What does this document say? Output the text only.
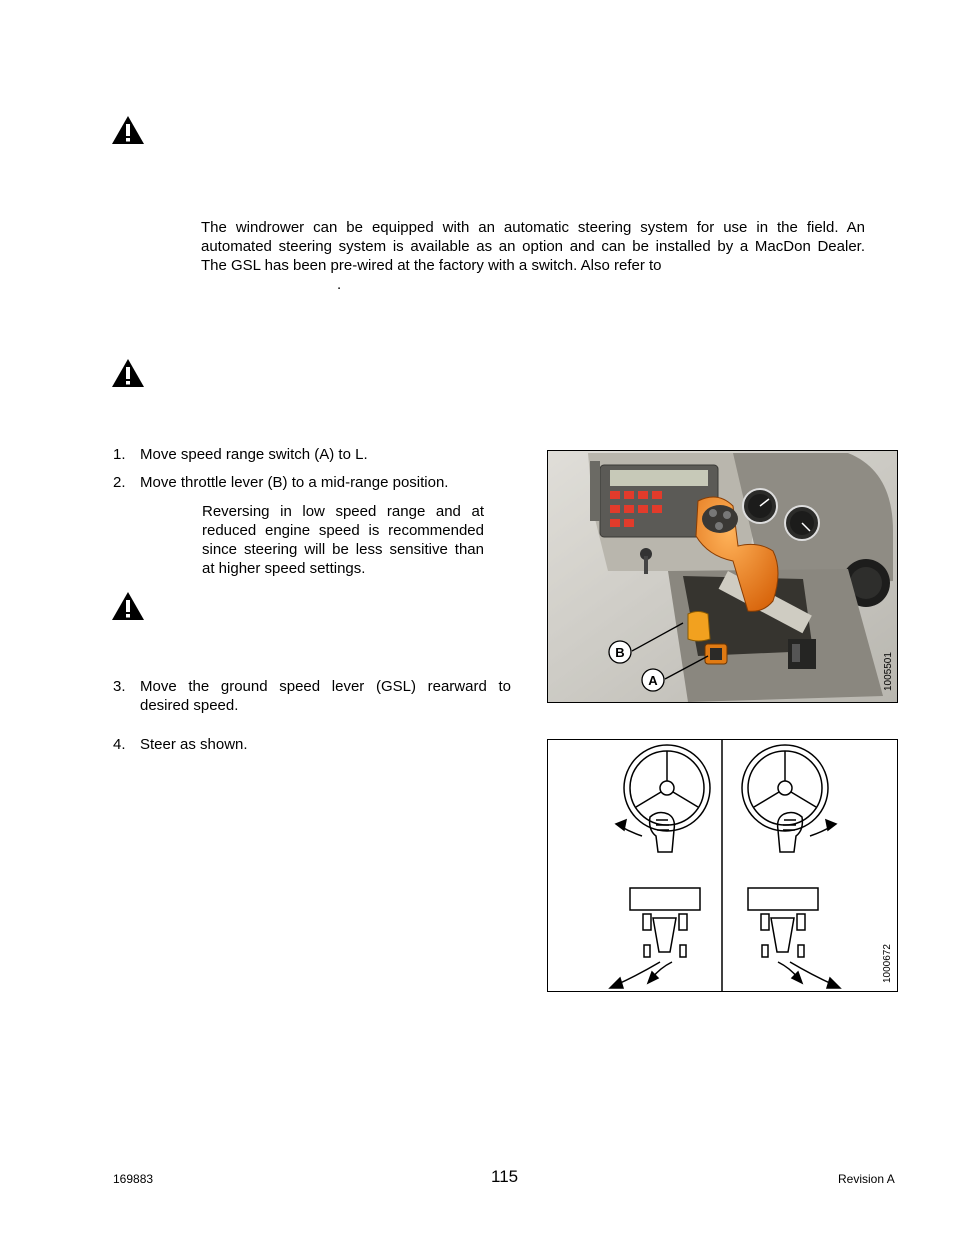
The windrower can be equipped with an automatic steering system for use in the field. An
automated steering system is available as an option and can be installed by a MacDon Dealer.
The GSL has been pre-wired at the factory with a switch. Also refer to
.
1. Move speed range switch (A) to L.
2. Move throttle lever (B) to a mid-range position.
Reversing in low speed range and at
reduced engine speed is recommended
since steering will be less sensitive than
at higher speed settings.
3. Move the ground speed lever (GSL) rearward to
desired speed.
4. Steer as shown.
B
A	1005501
1000672
169883	115	Revision A
